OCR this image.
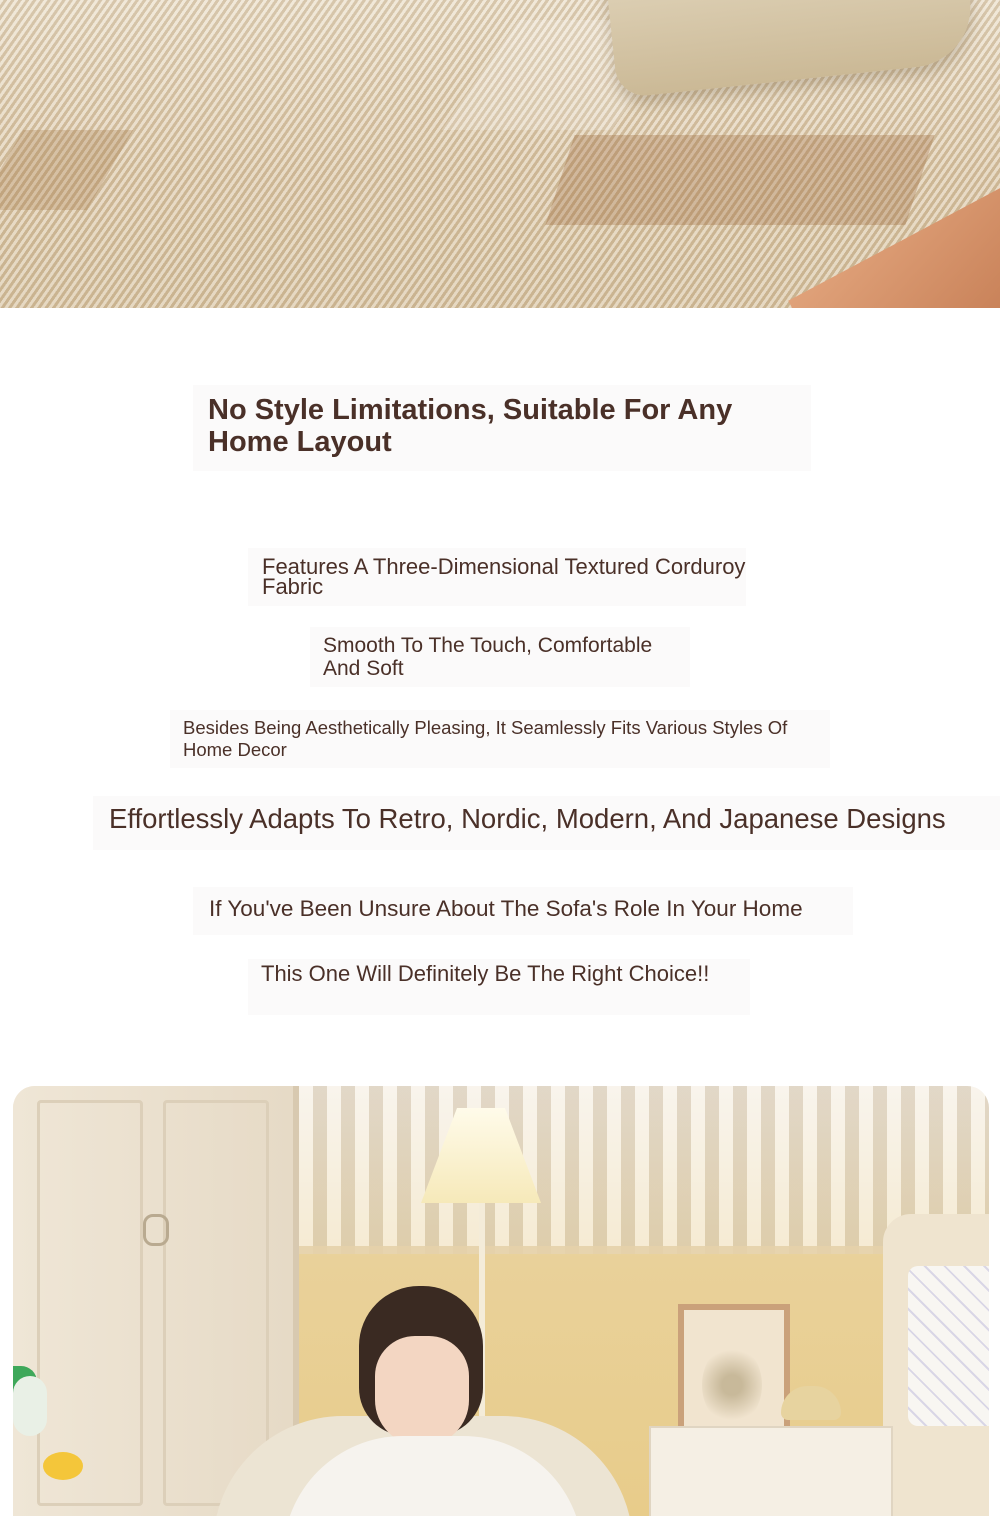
No Style Limitations, Suitable For Any Home Layout
Features A Three-Dimensional Textured Corduroy Fabric
Smooth To The Touch, Comfortable And Soft
Besides Being Aesthetically Pleasing, It Seamlessly Fits Various Styles Of Home Decor
Effortlessly Adapts To Retro, Nordic, Modern, And Japanese Designs
If You've Been Unsure About The Sofa's Role In Your Home
This One Will Definitely Be The Right Choice!!
